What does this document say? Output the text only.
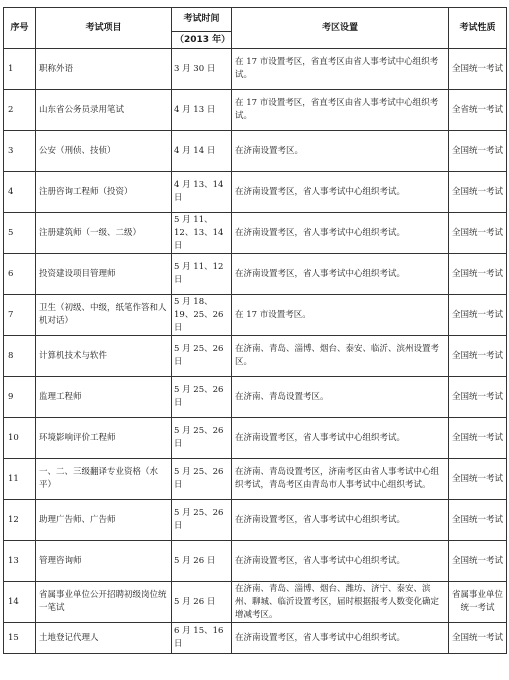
序号	考试项目	考试时间	考区设置	考试性质
		（2013 年）		
1	职称外语	3 月 30 日	在 17 市设置考区，省直考区由省人事考试中心组织考试。	全国统一考试
2	山东省公务员录用笔试	4 月 13 日	在 17 市设置考区，省直考区由省人事考试中心组织考试。	全省统一考试
3	公安（刑侦、技侦）	4 月 14 日	在济南设置考区。	全国统一考试
4	注册咨询工程师（投资）	4 月 13、14 日	在济南设置考区，省人事考试中心组织考试。	全国统一考试
5	注册建筑师（一级、二级）	5 月 11、12、13、14 日	在济南设置考区，省人事考试中心组织考试。	全国统一考试
6	投资建设项目管理师	5 月 11、12 日	在济南设置考区，省人事考试中心组织考试。	全国统一考试
7	卫生（初级、中级，纸笔作答和人机对话）	5 月 18、19、25、26 日	在 17 市设置考区。	全国统一考试
8	计算机技术与软件	5 月 25、26 日	在济南、青岛、淄博、烟台、泰安、临沂、滨州设置考区。	全国统一考试
9	监理工程师	5 月 25、26 日	在济南、青岛设置考区。	全国统一考试
10	环境影响评价工程师	5 月 25、26 日	在济南设置考区，省人事考试中心组织考试。	全国统一考试
11	一、二、三级翻译专业资格（水平）	5 月 25、26 日	在济南、青岛设置考区，济南考区由省人事考试中心组织考试，青岛考区由青岛市人事考试中心组织考试。	全国统一考试
12	助理广告师、广告师	5 月 25、26 日	在济南设置考区，省人事考试中心组织考试。	全国统一考试
13	管理咨询师	5 月 26 日	在济南设置考区，省人事考试中心组织考试。	全国统一考试
14	省属事业单位公开招聘初级岗位统一笔试	5 月 26 日	在济南、青岛、淄博、烟台、潍坊、济宁、泰安、滨州、聊城、临沂设置考区，届时根据报考人数变化确定增减考区。	省属事业单位统一考试
15	土地登记代理人	6 月 15、16 日	在济南设置考区，省人事考试中心组织考试。	全国统一考试
